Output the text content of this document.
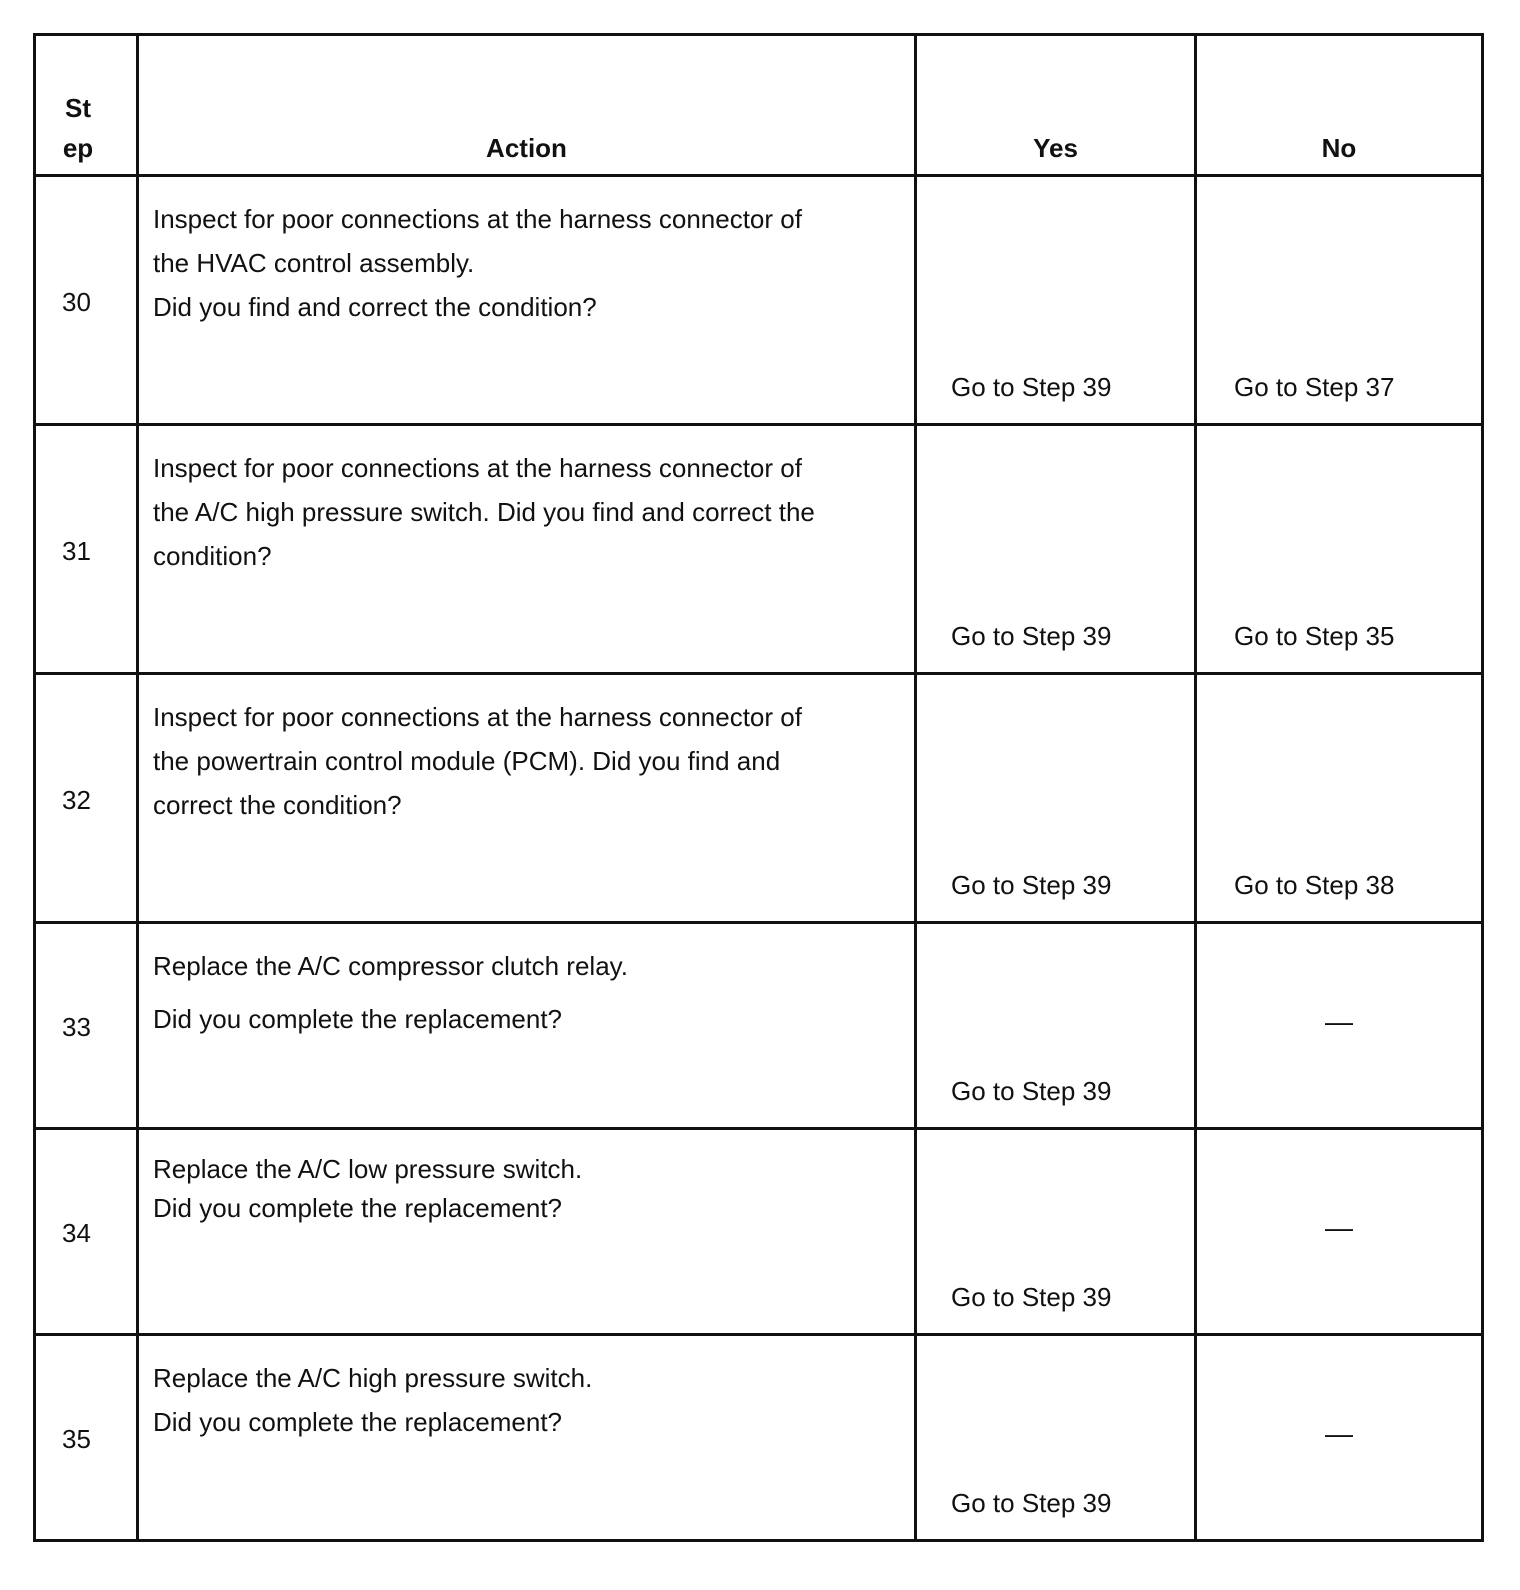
St
ep	Action	Yes	No

30	Inspect for poor connections at the harness connector of
the HVAC control assembly.
Did you find and correct the condition?	Go to Step 39	Go to Step 37

31	Inspect for poor connections at the harness connector of
the A/C high pressure switch. Did you find and correct the
condition?	Go to Step 39	Go to Step 35

32	Inspect for poor connections at the harness connector of
the powertrain control module (PCM). Did you find and
correct the condition?	Go to Step 39	Go to Step 38

33	Replace the A/C compressor clutch relay.
Did you complete the replacement?	Go to Step 39	—

34	Replace the A/C low pressure switch.
Did you complete the replacement?	Go to Step 39	—

35	Replace the A/C high pressure switch.
Did you complete the replacement?	Go to Step 39	—
